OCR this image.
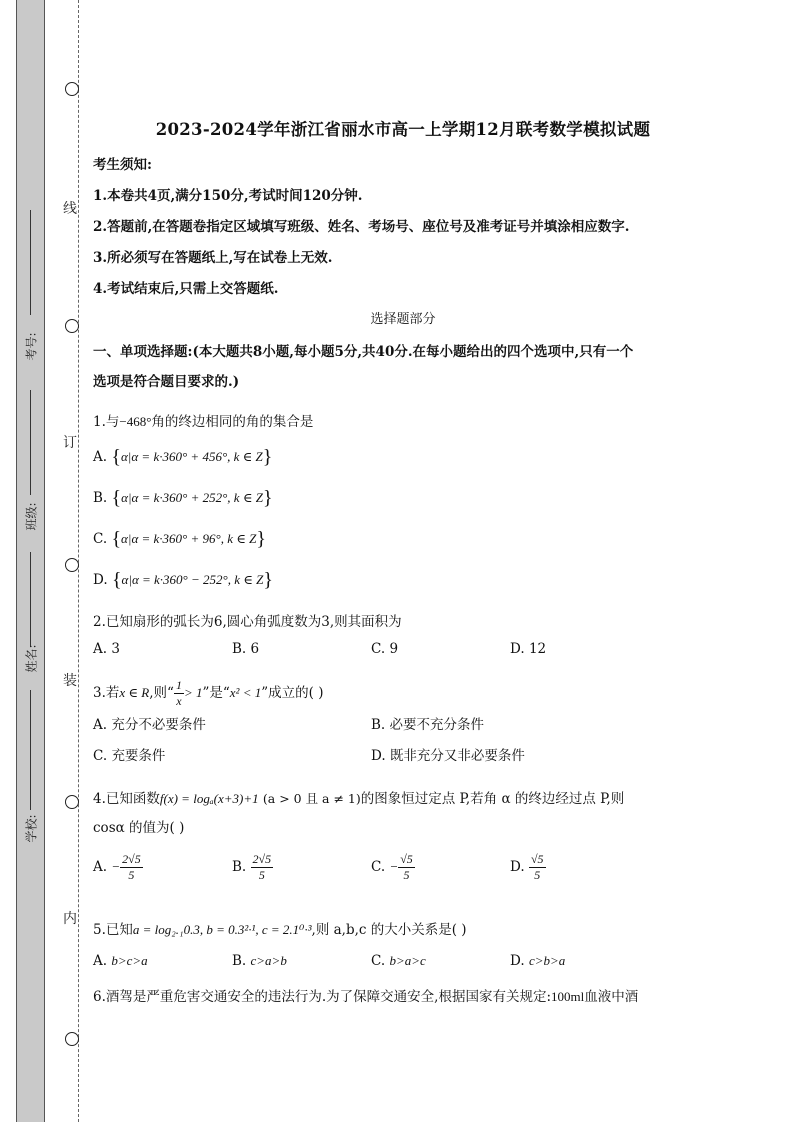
线
订
装
内
考号:
班级:
姓名:
学校:
2023-2024学年浙江省丽水市高一上学期12月联考数学模拟试题
考生须知:
1.本卷共4页,满分150分,考试时间120分钟.
2.答题前,在答题卷指定区域填写班级、姓名、考场号、座位号及准考证号并填涂相应数字.
3.所必须写在答题纸上,写在试卷上无效.
4.考试结束后,只需上交答题纸.
选择题部分
一、单项选择题:(本大题共8小题,每小题5分,共40分.在每小题给出的四个选项中,只有一个
选项是符合题目要求的.)
1.与−468°角的终边相同的角的集合是
A. {α|α = k·360° + 456°, k ∈ Z}
B. {α|α = k·360° + 252°, k ∈ Z}
C. {α|α = k·360° + 96°, k ∈ Z}
D. {α|α = k·360° − 252°, k ∈ Z}
2.已知扇形的弧长为6,圆心角弧度数为3,则其面积为
A. 3	B. 6	C. 9	D. 12
3.若x ∈ R,则“ $\frac{1}{x} > 1$”是“x² < 1”成立的( )
A. 充分不必要条件	B. 必要不充分条件
C. 充要条件	D. 既非充分又非必要条件
4.已知函数f(x) = logₐ(x+3)+1 (a > 0 且 a ≠ 1)的图象恒过定点 P,若角 α 的终边经过点 P,则
cosα 的值为( )
A. − $\frac{2√5}{5}$	B. $\frac{2√5}{5}$	C. − $\frac{√5}{5}$	D. $\frac{√5}{5}$
5.已知a = log₂.₁0.3, b = 0.3²·¹, c = 2.1⁰·³,则 a,b,c 的大小关系是( )
A. b>c>a	B. c>a>b	C. b>a>c	D. c>b>a
6.酒驾是严重危害交通安全的违法行为.为了保障交通安全,根据国家有关规定:100ml血液中酒
